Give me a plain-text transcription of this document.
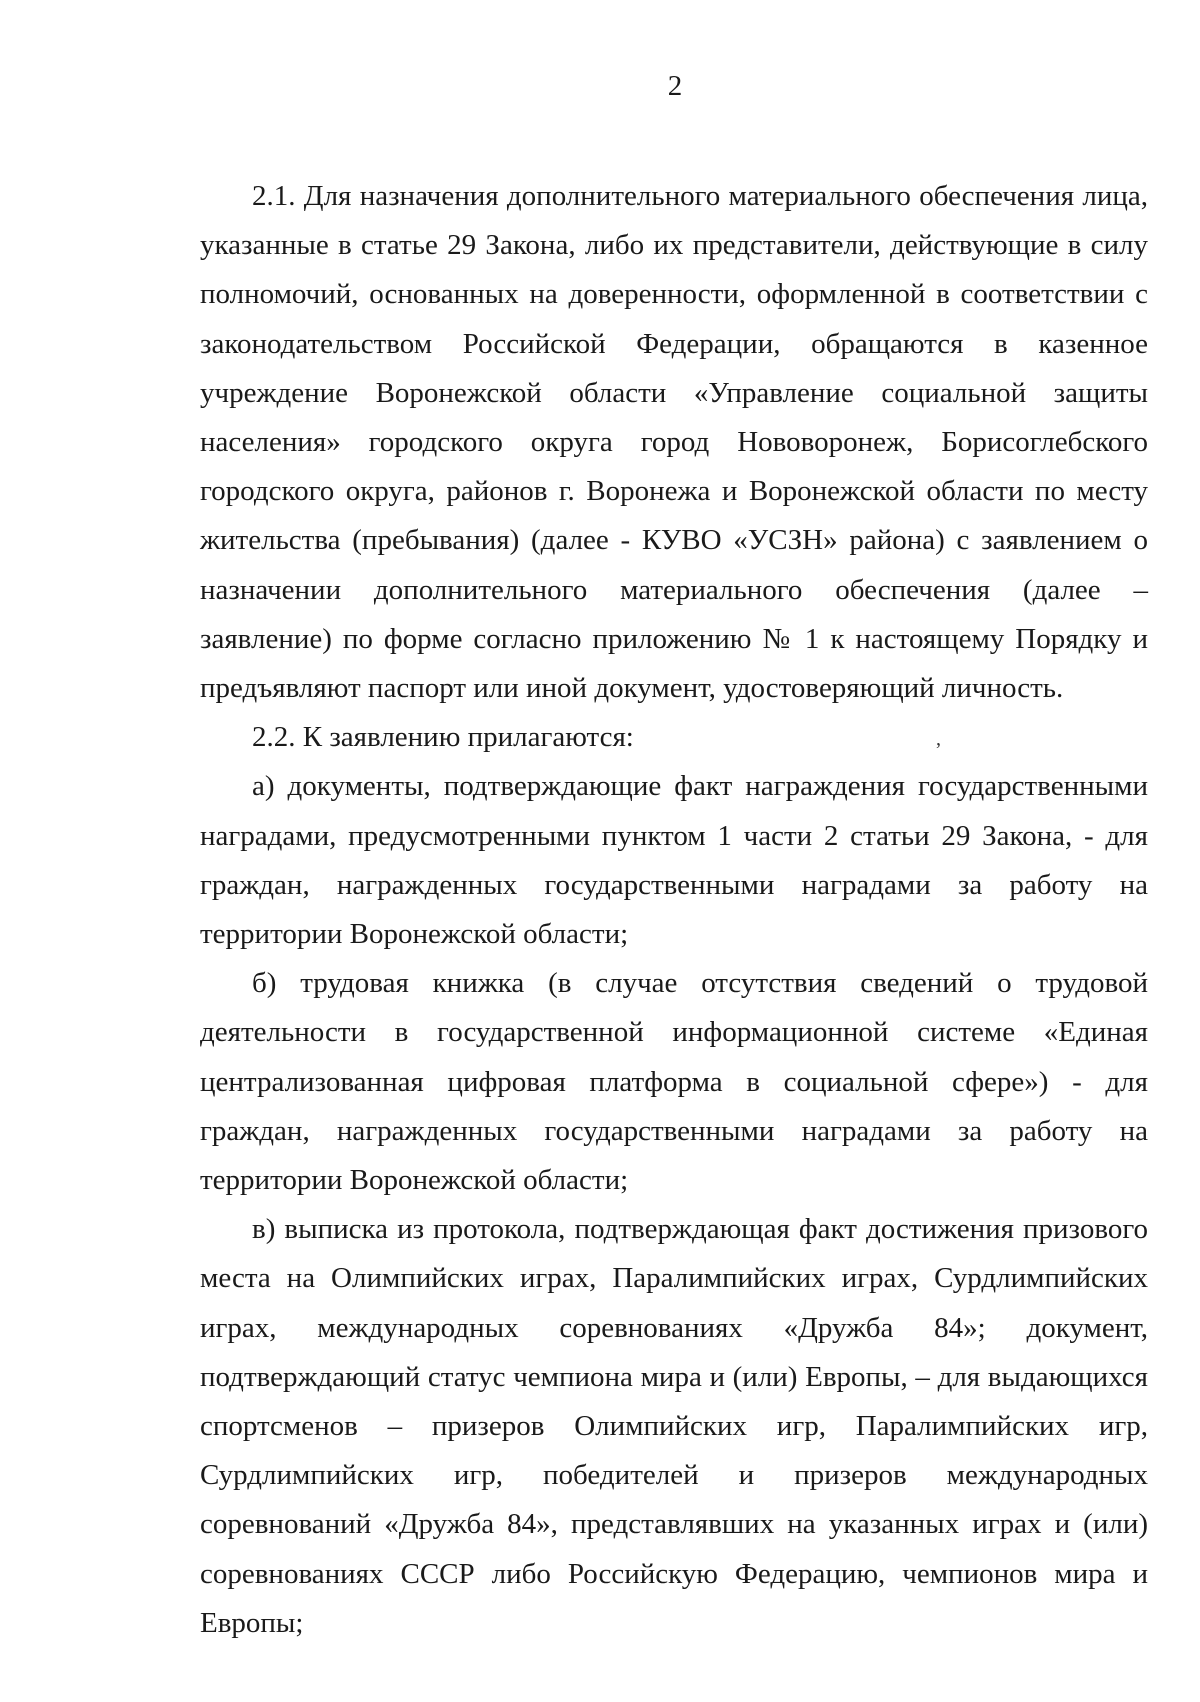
2

2.1. Для назначения дополнительного материального обеспечения лица, указанные в статье 29 Закона, либо их представители, действующие в силу полномочий, основанных на доверенности, оформленной в соответствии с законодательством Российской Федерации, обращаются в казенное учреждение Воронежской области «Управление социальной защиты населения» городского округа город Нововоронеж, Борисоглебского городского округа, районов г. Воронежа и Воронежской области по месту жительства (пребывания) (далее - КУВО «УСЗН» района) с заявлением о назначении дополнительного материального обеспечения (далее – заявление) по форме согласно приложению № 1 к настоящему Порядку и предъявляют паспорт или иной документ, удостоверяющий личность.

2.2. К заявлению прилагаются:

а) документы, подтверждающие факт награждения государственными наградами, предусмотренными пунктом 1 части 2 статьи 29 Закона, - для граждан, награжденных государственными наградами за работу на территории Воронежской области;

б) трудовая книжка (в случае отсутствия сведений о трудовой деятельности в государственной информационной системе «Единая централизованная цифровая платформа в социальной сфере») - для граждан, награжденных государственными наградами за работу на территории Воронежской области;

в) выписка из протокола, подтверждающая факт достижения призового места на Олимпийских играх, Паралимпийских играх, Сурдлимпийских играх, международных соревнованиях «Дружба 84»; документ, подтверждающий статус чемпиона мира и (или) Европы, – для выдающихся спортсменов – призеров Олимпийских игр, Паралимпийских игр, Сурдлимпийских игр, победителей и призеров международных соревнований «Дружба 84», представлявших на указанных играх и (или) соревнованиях СССР либо Российскую Федерацию, чемпионов мира и Европы;

,
